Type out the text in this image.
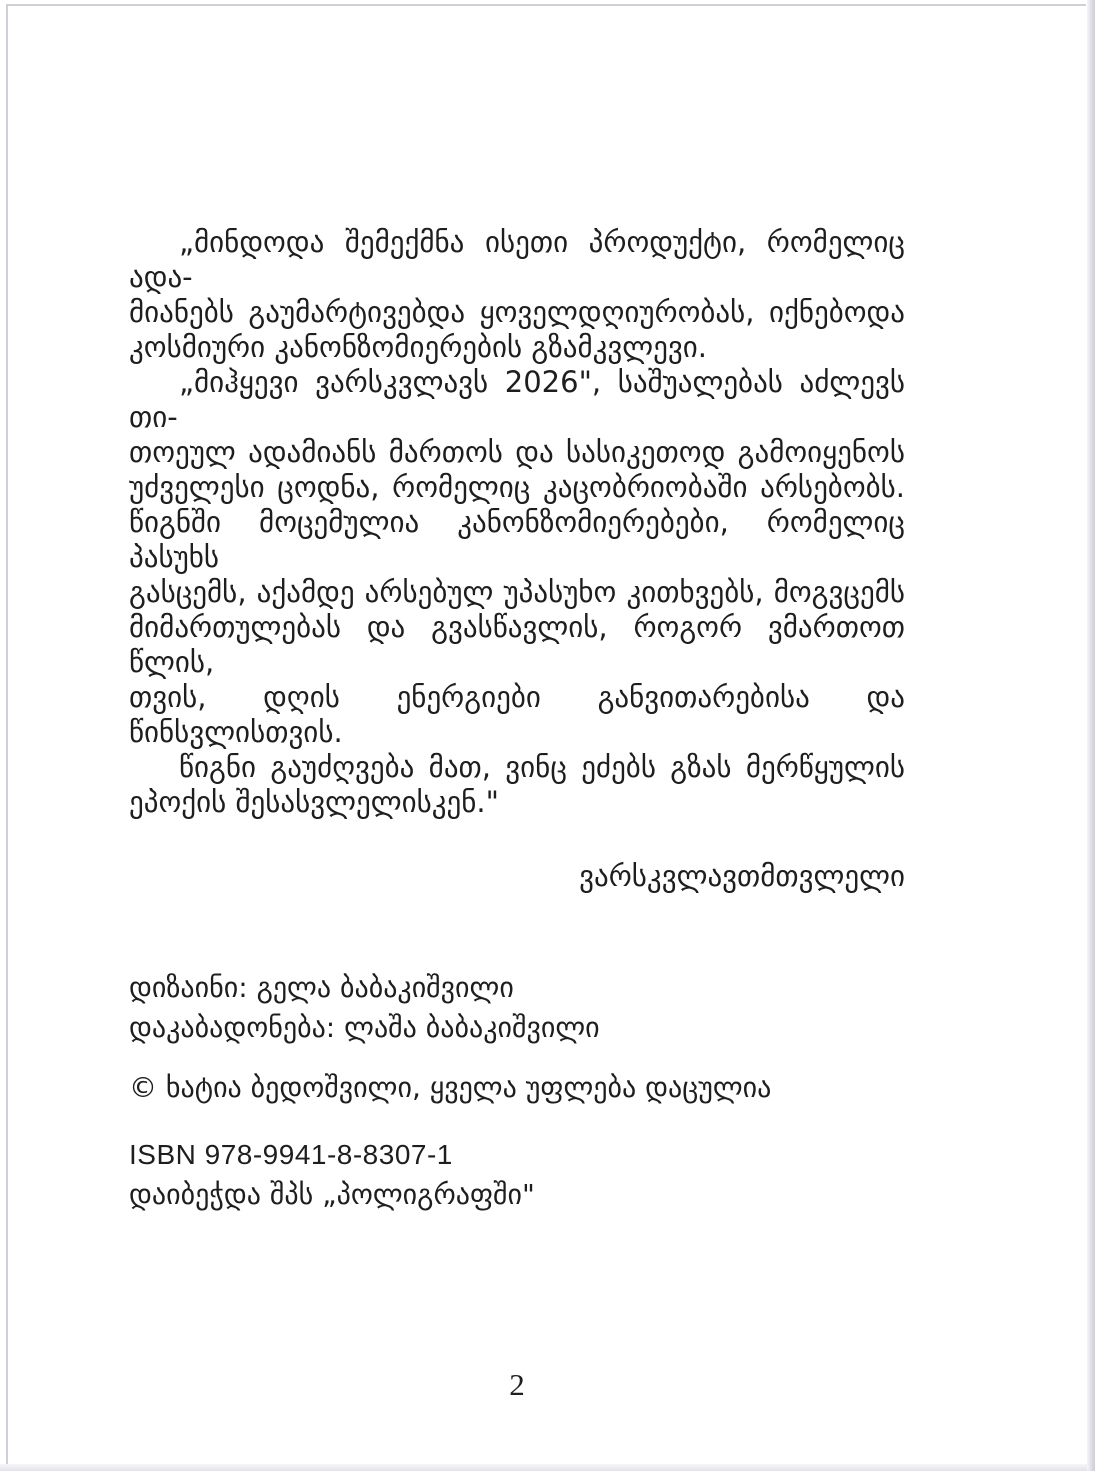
„მინდოდა შემექმნა ისეთი პროდუქტი, რომელიც ადა-
მიანებს გაუმარტივებდა ყოველდღიურობას, იქნებოდა
კოსმიური კანონზომიერების გზამკვლევი.
„მიჰყევი ვარსკვლავს 2026", საშუალებას აძლევს თი-
თოეულ ადამიანს მართოს და სასიკეთოდ გამოიყენოს
უძველესი ცოდნა, რომელიც კაცობრიობაში არსებობს.
წიგნში მოცემულია კანონზომიერებები, რომელიც პასუხს
გასცემს, აქამდე არსებულ უპასუხო კითხვებს, მოგვცემს
მიმართულებას და გვასწავლის, როგორ ვმართოთ წლის,
თვის, დღის ენერგიები განვითარებისა და წინსვლისთვის.
წიგნი გაუძღვება მათ, ვინც ეძებს გზას მერწყულის
ეპოქის შესასვლელისკენ."
ვარსკვლავთმთვლელი
დიზაინი: გელა ბაბაკიშვილი
დაკაბადონება: ლაშა ბაბაკიშვილი
© ხატია ბედოშვილი, ყველა უფლება დაცულია
ISBN 978-9941-8-8307-1
დაიბეჭდა შპს „პოლიგრაფში"
2
